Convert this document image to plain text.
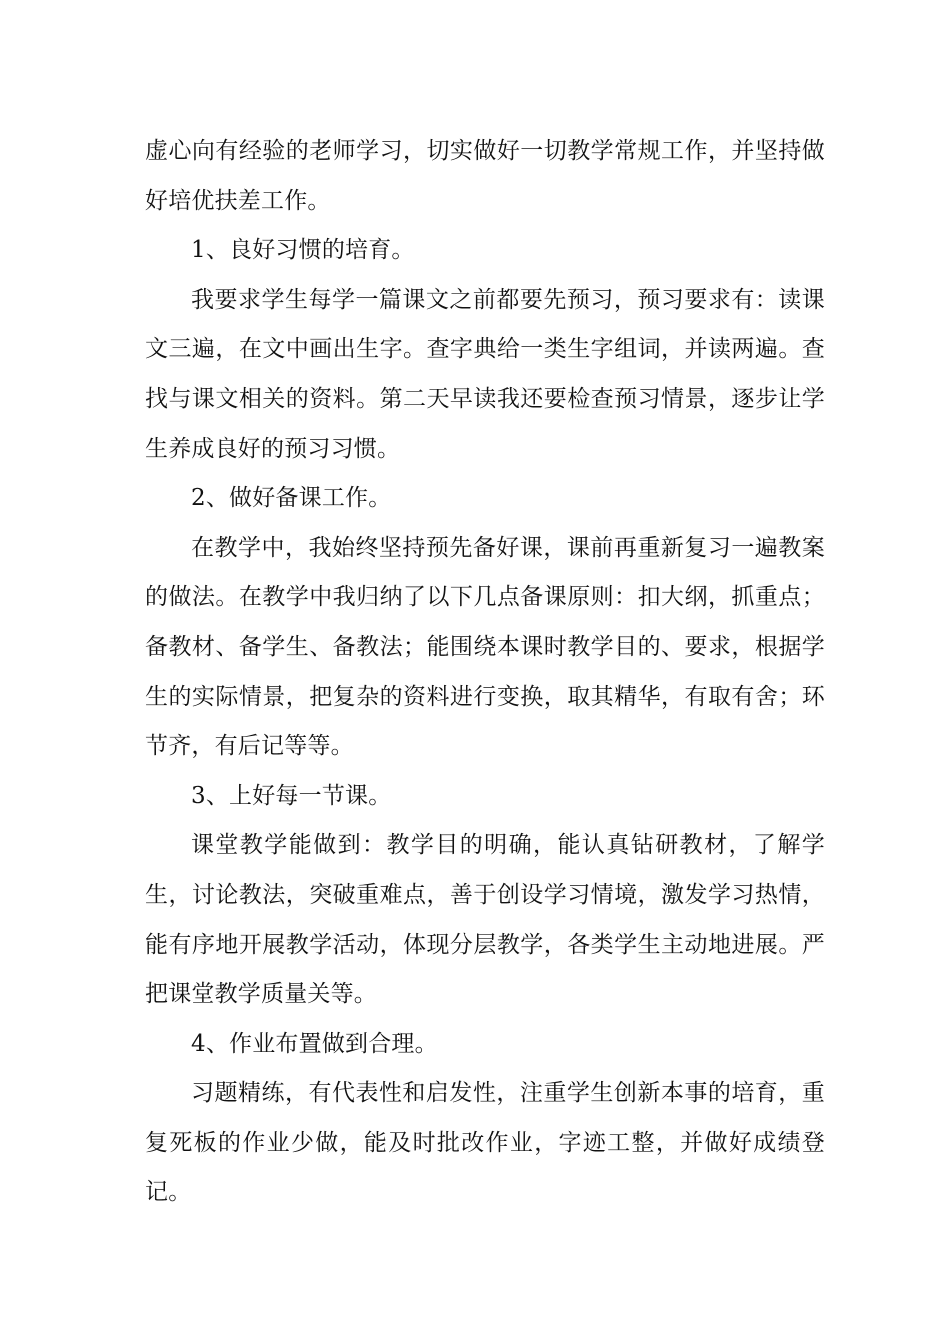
虚心向有经验的老师学习，切实做好一切教学常规工作，并坚持做好培优扶差工作。

1、良好习惯的培育。

我要求学生每学一篇课文之前都要先预习，预习要求有：读课文三遍，在文中画出生字。查字典给一类生字组词，并读两遍。查找与课文相关的资料。第二天早读我还要检查预习情景，逐步让学生养成良好的预习习惯。

2、做好备课工作。

在教学中，我始终坚持预先备好课，课前再重新复习一遍教案的做法。在教学中我归纳了以下几点备课原则：扣大纲，抓重点；备教材、备学生、备教法；能围绕本课时教学目的、要求，根据学生的实际情景，把复杂的资料进行变换，取其精华，有取有舍；环节齐，有后记等等。

3、上好每一节课。

课堂教学能做到：教学目的明确，能认真钻研教材，了解学生，讨论教法，突破重难点，善于创设学习情境，激发学习热情，能有序地开展教学活动，体现分层教学，各类学生主动地进展。严把课堂教学质量关等。

4、作业布置做到合理。

习题精练，有代表性和启发性，注重学生创新本事的培育，重复死板的作业少做，能及时批改作业，字迹工整，并做好成绩登记。
